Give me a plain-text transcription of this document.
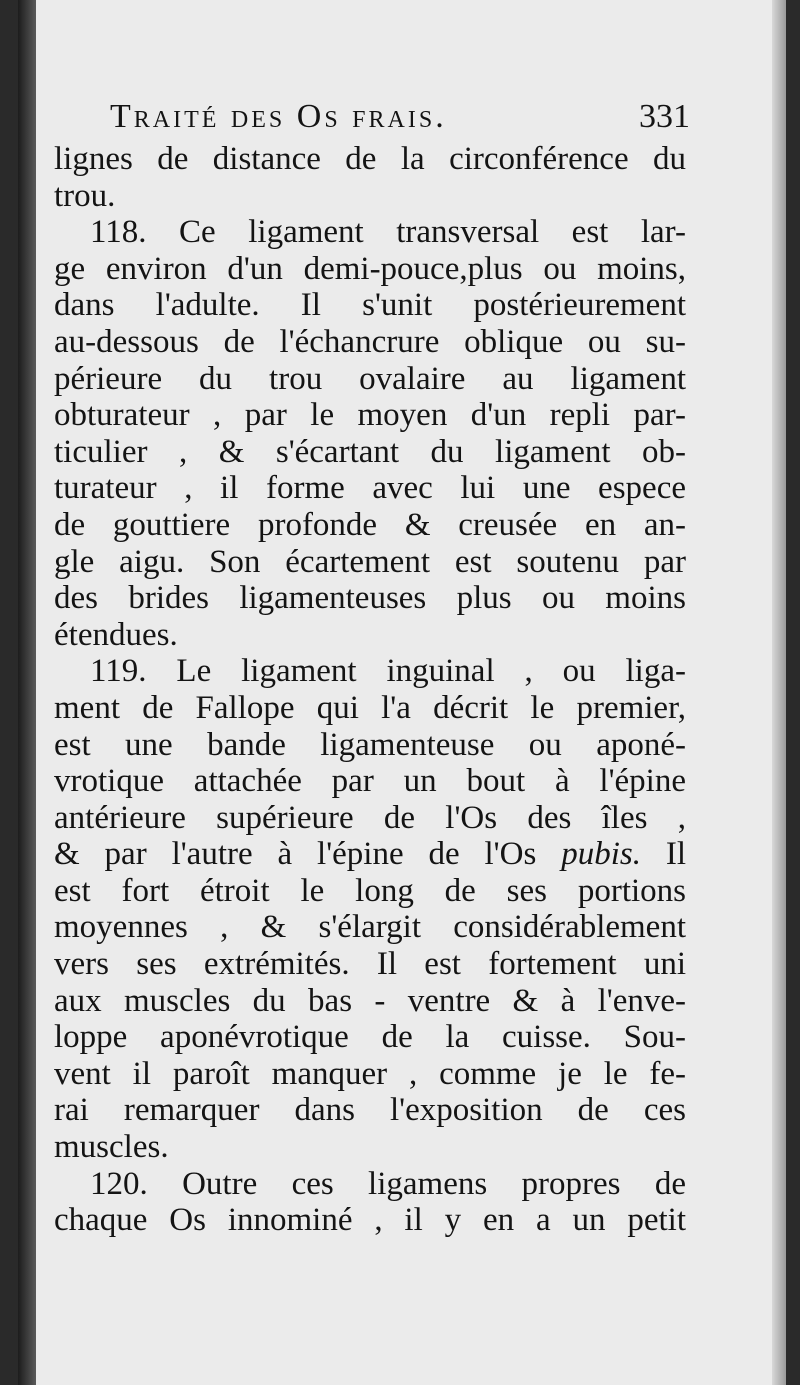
Traité des Os frais.	331
lignes de distance de la circonférence du
trou.
118. Ce ligament transversal est lar-
ge environ d'un demi-pouce,plus ou moins,
dans l'adulte. Il s'unit postérieurement
au-dessous de l'échancrure oblique ou su-
périeure du trou ovalaire au ligament
obturateur , par le moyen d'un repli par-
ticulier , & s'écartant du ligament ob-
turateur , il forme avec lui une espece
de gouttiere profonde & creusée en an-
gle aigu. Son écartement est soutenu par
des brides ligamenteuses plus ou moins
étendues.
119. Le ligament inguinal , ou liga-
ment de Fallope qui l'a décrit le premier,
est une bande ligamenteuse ou aponé-
vrotique attachée par un bout à l'épine
antérieure supérieure de l'Os des îles ,
& par l'autre à l'épine de l'Os pubis. Il
est fort étroit le long de ses portions
moyennes , & s'élargit considérablement
vers ses extrémités. Il est fortement uni
aux muscles du bas - ventre & à l'enve-
loppe aponévrotique de la cuisse. Sou-
vent il paroît manquer , comme je le fe-
rai remarquer dans l'exposition de ces
muscles.
120. Outre ces ligamens propres de
chaque Os innominé , il y en a un petit
